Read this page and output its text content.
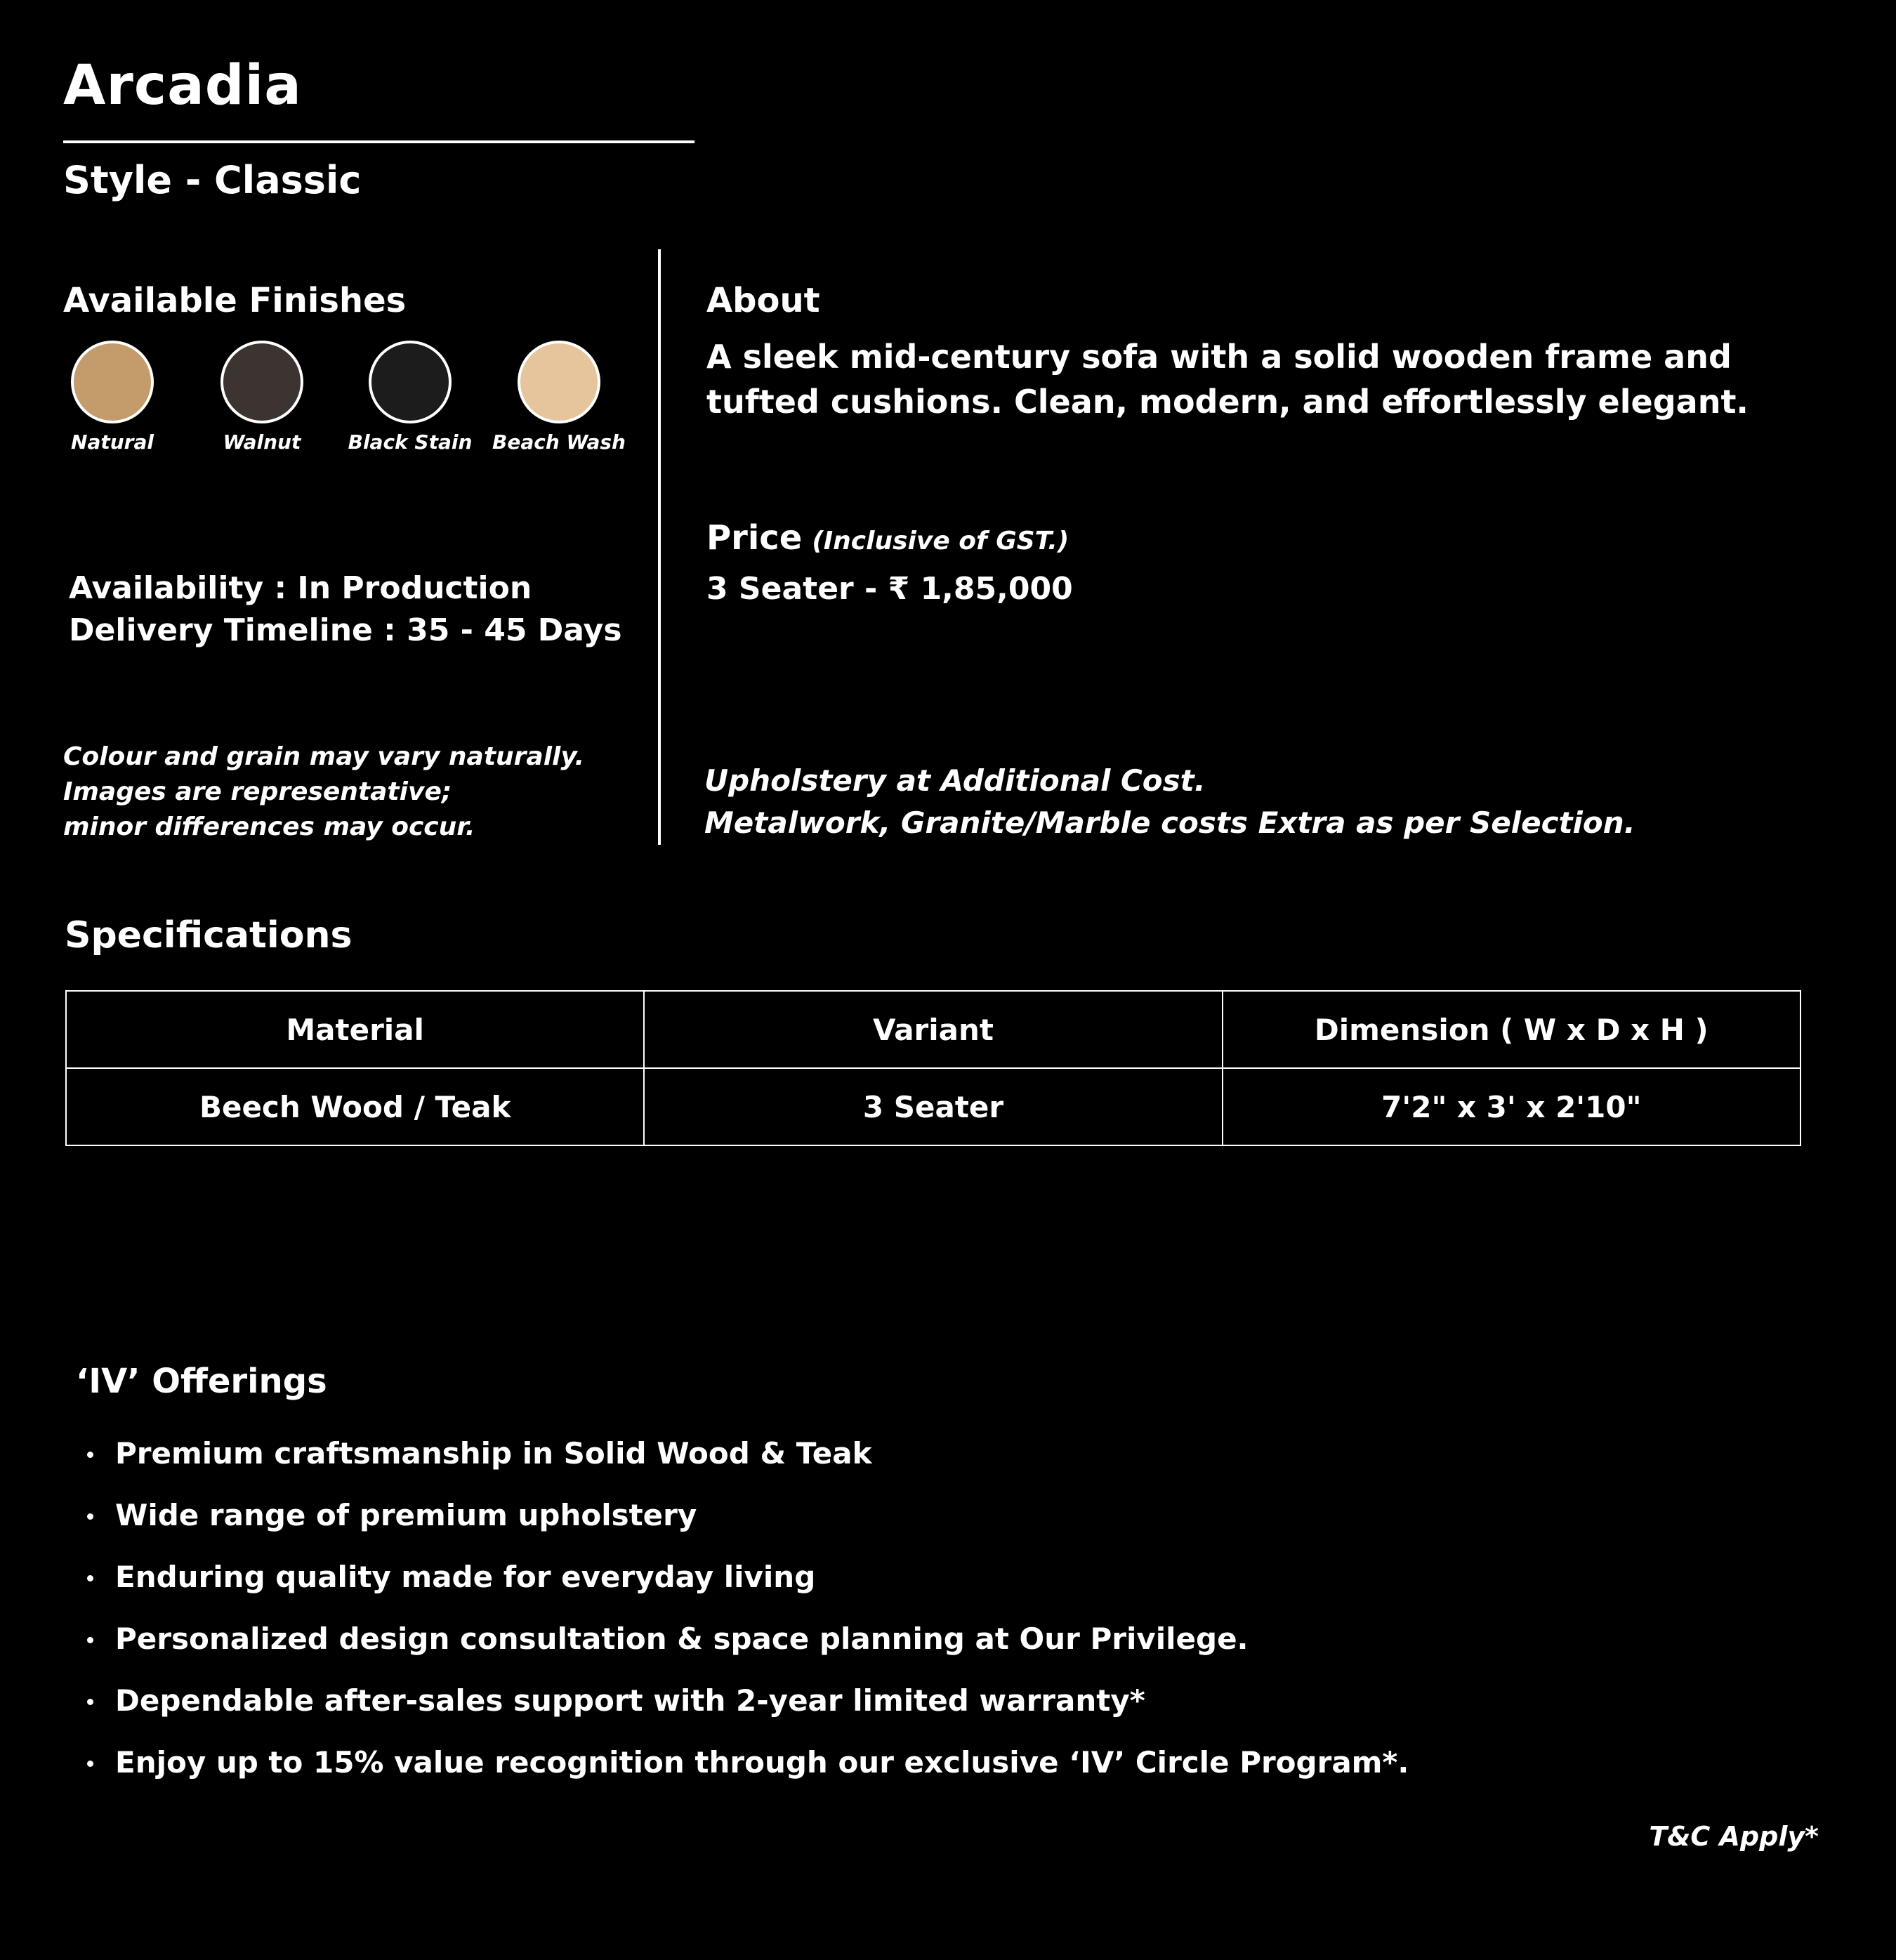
Arcadia
Style - Classic
Available Finishes
Natural	Walnut	Black Stain Beach Wash
Availability : In Production
Delivery Timeline : 35 - 45 Days
Colour and grain may vary naturally.
Images are representative;
minor differences may occur.
About
A sleek mid-century sofa with a solid wooden frame and tufted cushions. Clean, modern, and effortlessly elegant.
Price (Inclusive of GST.)
3 Seater - ₹ 1,85,000
Upholstery at Additional Cost.
Metalwork, Granite/Marble costs Extra as per Selection.
Specifications
Material	Variant	Dimension ( W x D x H )
Beech Wood / Teak	3 Seater	7'2" x 3' x 2'10"
‘IV’ Offerings
Premium craftsmanship in Solid Wood & Teak
Wide range of premium upholstery
Enduring quality made for everyday living
Personalized design consultation & space planning at Our Privilege.
Dependable after-sales support with 2-year limited warranty*
Enjoy up to 15% value recognition through our exclusive ‘IV’ Circle Program*.
T&C Apply*
